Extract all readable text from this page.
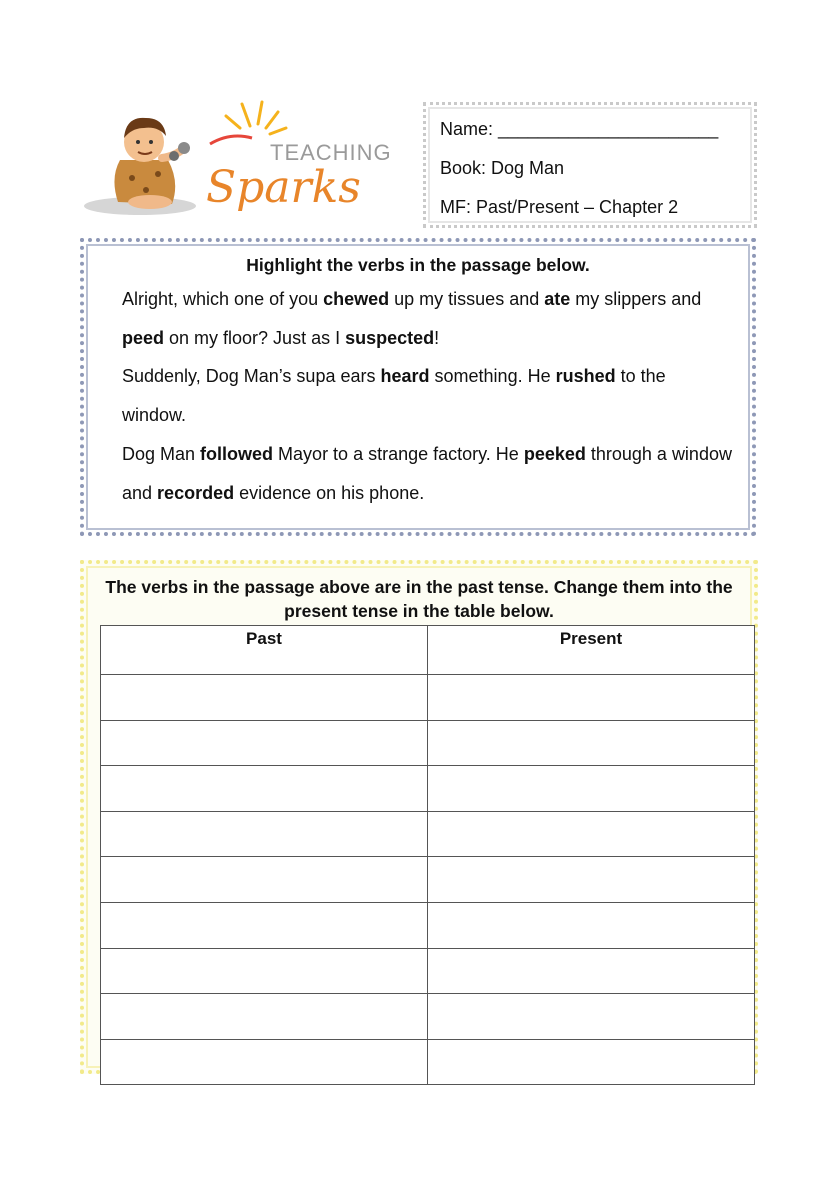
TEACHING
Sparks
Name: ______________________
Book: Dog Man
MF: Past/Present – Chapter 2
Highlight the verbs in the passage below.
Alright, which one of you chewed up my tissues and ate my slippers and peed on my floor? Just as I suspected!
Suddenly, Dog Man’s supa ears heard something. He rushed to the window.
Dog Man followed Mayor to a strange factory. He peeked through a window and recorded evidence on his phone.
The verbs in the passage above are in the past tense. Change them into the present tense in the table below.
Past	Present
